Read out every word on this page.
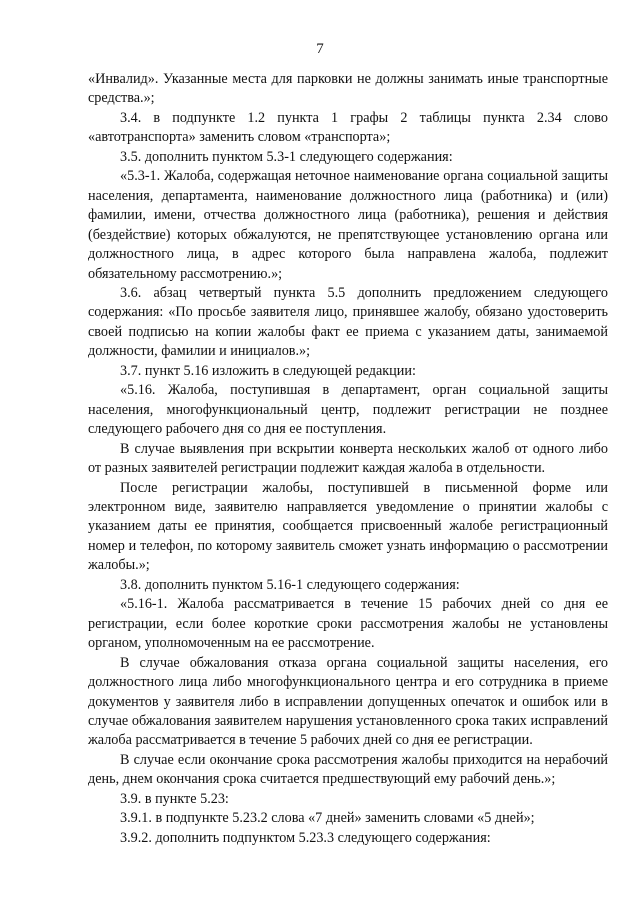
7

«Инвалид». Указанные места для парковки не должны занимать иные транспортные средства.»;

3.4. в подпункте 1.2 пункта 1 графы 2 таблицы пункта 2.34 слово «автотранспорта» заменить словом «транспорта»;

3.5. дополнить пунктом 5.3-1 следующего содержания:

«5.3-1. Жалоба, содержащая неточное наименование органа социальной защиты населения, департамента, наименование должностного лица (работника) и (или) фамилии, имени, отчества должностного лица (работника), решения и действия (бездействие) которых обжалуются, не препятствующее установлению органа или должностного лица, в адрес которого была направлена жалоба, подлежит обязательному рассмотрению.»;

3.6. абзац четвертый пункта 5.5 дополнить предложением следующего содержания: «По просьбе заявителя лицо, принявшее жалобу, обязано удостоверить своей подписью на копии жалобы факт ее приема с указанием даты, занимаемой должности, фамилии и инициалов.»;

3.7. пункт 5.16 изложить в следующей редакции:

«5.16. Жалоба, поступившая в департамент, орган социальной защиты населения, многофункциональный центр, подлежит регистрации не позднее следующего рабочего дня со дня ее поступления.

В случае выявления при вскрытии конверта нескольких жалоб от одного либо от разных заявителей регистрации подлежит каждая жалоба в отдельности.

После регистрации жалобы, поступившей в письменной форме или электронном виде, заявителю направляется уведомление о принятии жалобы с указанием даты ее принятия, сообщается присвоенный жалобе регистрационный номер и телефон, по которому заявитель сможет узнать информацию о рассмотрении жалобы.»;

3.8. дополнить пунктом 5.16-1 следующего содержания:

«5.16-1. Жалоба рассматривается в течение 15 рабочих дней со дня ее регистрации, если более короткие сроки рассмотрения жалобы не установлены органом, уполномоченным на ее рассмотрение.

В случае обжалования отказа органа социальной защиты населения, его должностного лица либо многофункционального центра и его сотрудника в приеме документов у заявителя либо в исправлении допущенных опечаток и ошибок или в случае обжалования заявителем нарушения установленного срока таких исправлений жалоба рассматривается в течение 5 рабочих дней со дня ее регистрации.

В случае если окончание срока рассмотрения жалобы приходится на нерабочий день, днем окончания срока считается предшествующий ему рабочий день.»;

3.9. в пункте 5.23:

3.9.1. в подпункте 5.23.2 слова «7 дней» заменить словами «5 дней»;

3.9.2. дополнить подпунктом 5.23.3 следующего содержания:
